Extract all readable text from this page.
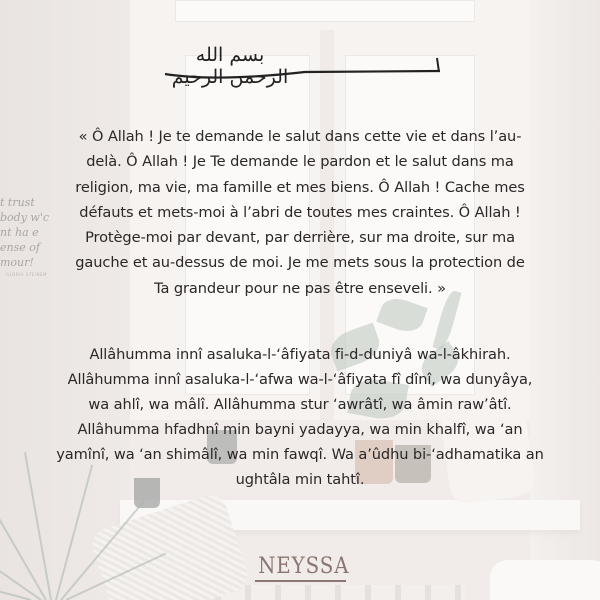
t trust
body w'c
nt ha e
ense of
mour!
GLORIA STEINEM
بسم الله الرحمن الرحيم
« Ô Allah ! Je te demande le salut dans cette vie et dans l’au-
delà. Ô Allah ! Je Te demande le pardon et le salut dans ma
religion, ma vie, ma famille et mes biens. Ô Allah ! Cache mes
défauts et mets-moi à l’abri de toutes mes craintes. Ô Allah !
Protège-moi par devant, par derrière, sur ma droite, sur ma
gauche et au-dessus de moi. Je me mets sous la protection de
Ta grandeur pour ne pas être enseveli. »
Allâhumma innî asaluka-l-‘âfiyata fi-d-duniyâ wa-l-âkhirah.
Allâhumma innî asaluka-l-‘afwa wa-l-‘âfiyata fî dînî, wa dunyâya,
wa ahlî, wa mâlî. Allâhumma stur ‘awrâtî, wa âmin raw’âtî.
Allâhumma hfadhnî min bayni yadayya, wa min khalfî, wa ‘an
yamînî, wa ‘an shimâlî, wa min fawqî. Wa a’ûdhu bi-‘adhamatika an
ughtâla min tahtî.
NEYSSA
